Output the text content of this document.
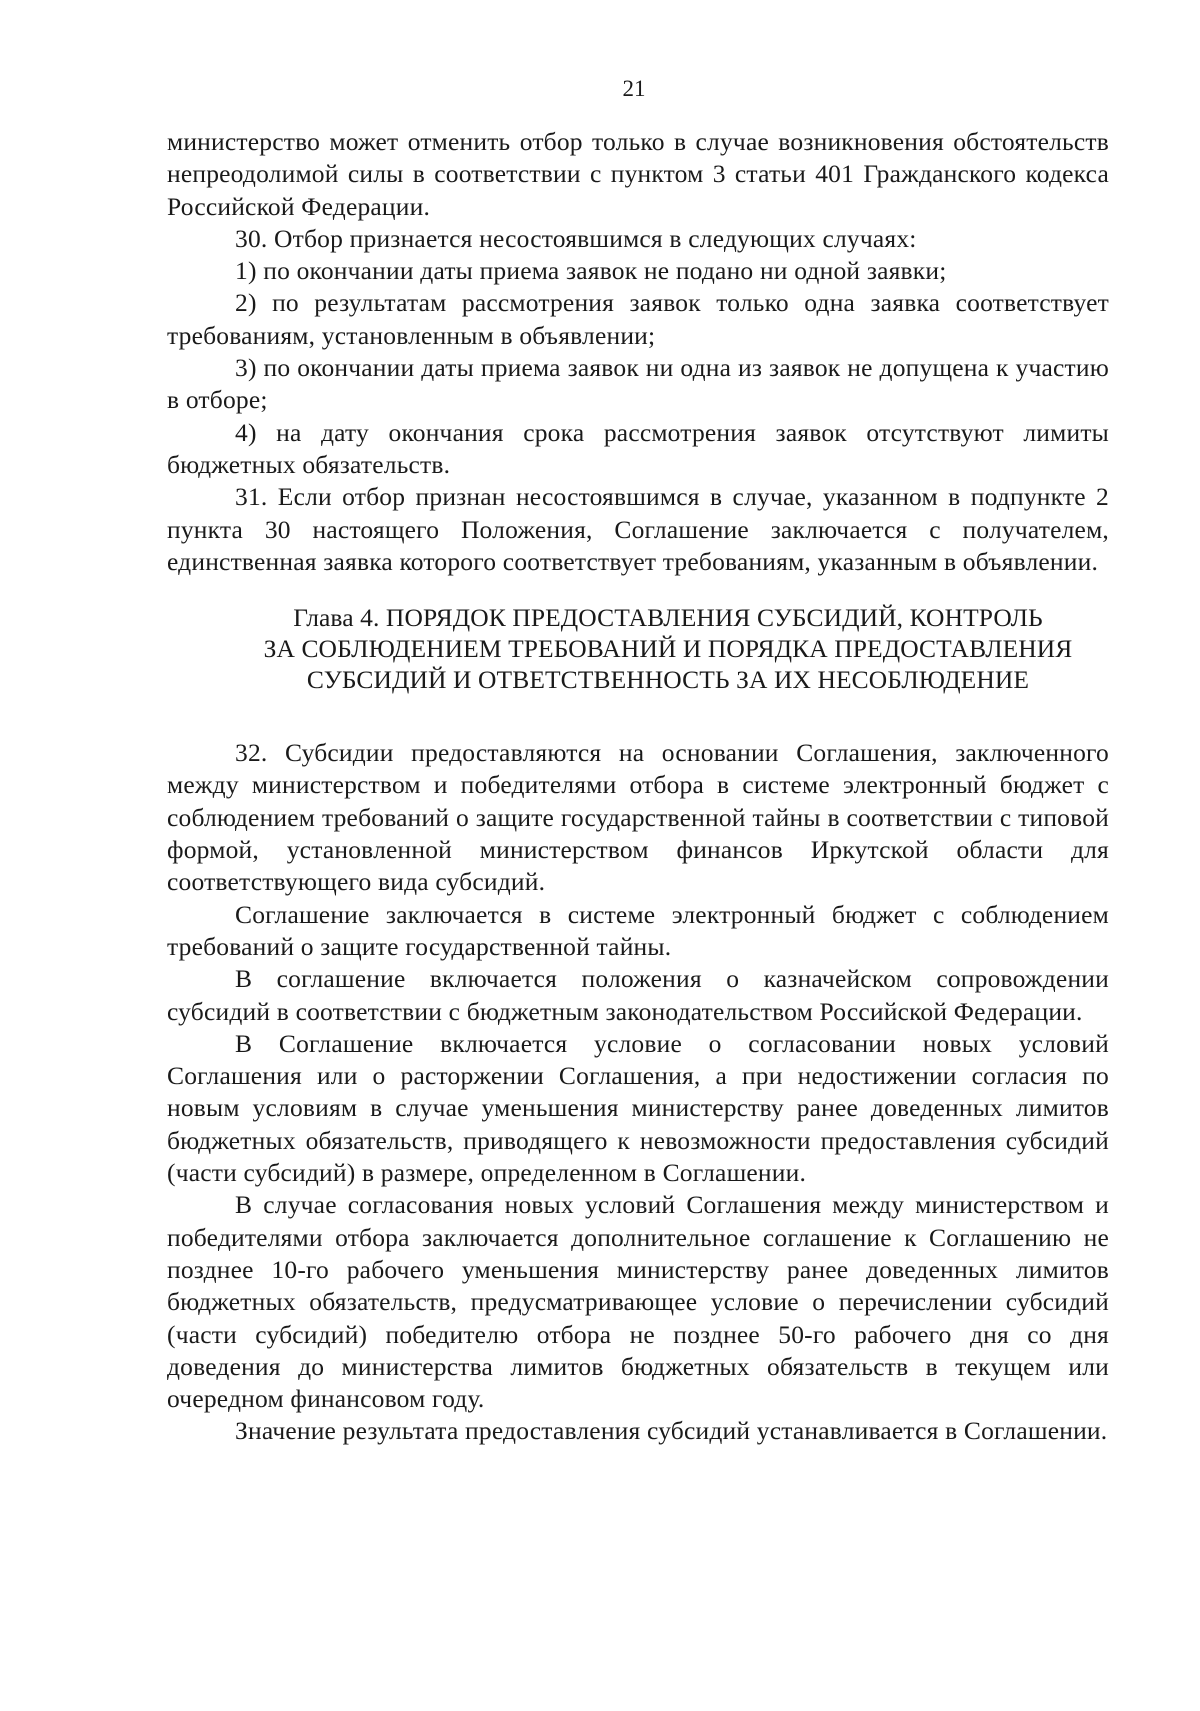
21

министерство может отменить отбор только в случае возникновения обстоятельств непреодолимой силы в соответствии с пунктом 3 статьи 401 Гражданского кодекса Российской Федерации.

30. Отбор признается несостоявшимся в следующих случаях:

1) по окончании даты приема заявок не подано ни одной заявки;

2) по результатам рассмотрения заявок только одна заявка соответствует требованиям, установленным в объявлении;

3) по окончании даты приема заявок ни одна из заявок не допущена к участию в отборе;

4) на дату окончания срока рассмотрения заявок отсутствуют лимиты бюджетных обязательств.

31. Если отбор признан несостоявшимся в случае, указанном в подпункте 2 пункта 30 настоящего Положения, Соглашение заключается с получателем, единственная заявка которого соответствует требованиям, указанным в объявлении.

Глава 4. ПОРЯДОК ПРЕДОСТАВЛЕНИЯ СУБСИДИЙ, КОНТРОЛЬ
ЗА СОБЛЮДЕНИЕМ ТРЕБОВАНИЙ И ПОРЯДКА ПРЕДОСТАВЛЕНИЯ
СУБСИДИЙ И ОТВЕТСТВЕННОСТЬ ЗА ИХ НЕСОБЛЮДЕНИЕ

32. Субсидии предоставляются на основании Соглашения, заключенного между министерством и победителями отбора в системе электронный бюджет с соблюдением требований о защите государственной тайны в соответствии с типовой формой, установленной министерством финансов Иркутской области для соответствующего вида субсидий.

Соглашение заключается в системе электронный бюджет с соблюдением требований о защите государственной тайны.

В соглашение включается положения о казначейском сопровождении субсидий в соответствии с бюджетным законодательством Российской Федерации.

В Соглашение включается условие о согласовании новых условий Соглашения или о расторжении Соглашения, а при недостижении согласия по новым условиям в случае уменьшения министерству ранее доведенных лимитов бюджетных обязательств, приводящего к невозможности предоставления субсидий (части субсидий) в размере, определенном в Соглашении.

В случае согласования новых условий Соглашения между министерством и победителями отбора заключается дополнительное соглашение к Соглашению не позднее 10-го рабочего уменьшения министерству ранее доведенных лимитов бюджетных обязательств, предусматривающее условие о перечислении субсидий (части субсидий) победителю отбора не позднее 50-го рабочего дня со дня доведения до министерства лимитов бюджетных обязательств в текущем или очередном финансовом году.

Значение результата предоставления субсидий устанавливается в Соглашении.
